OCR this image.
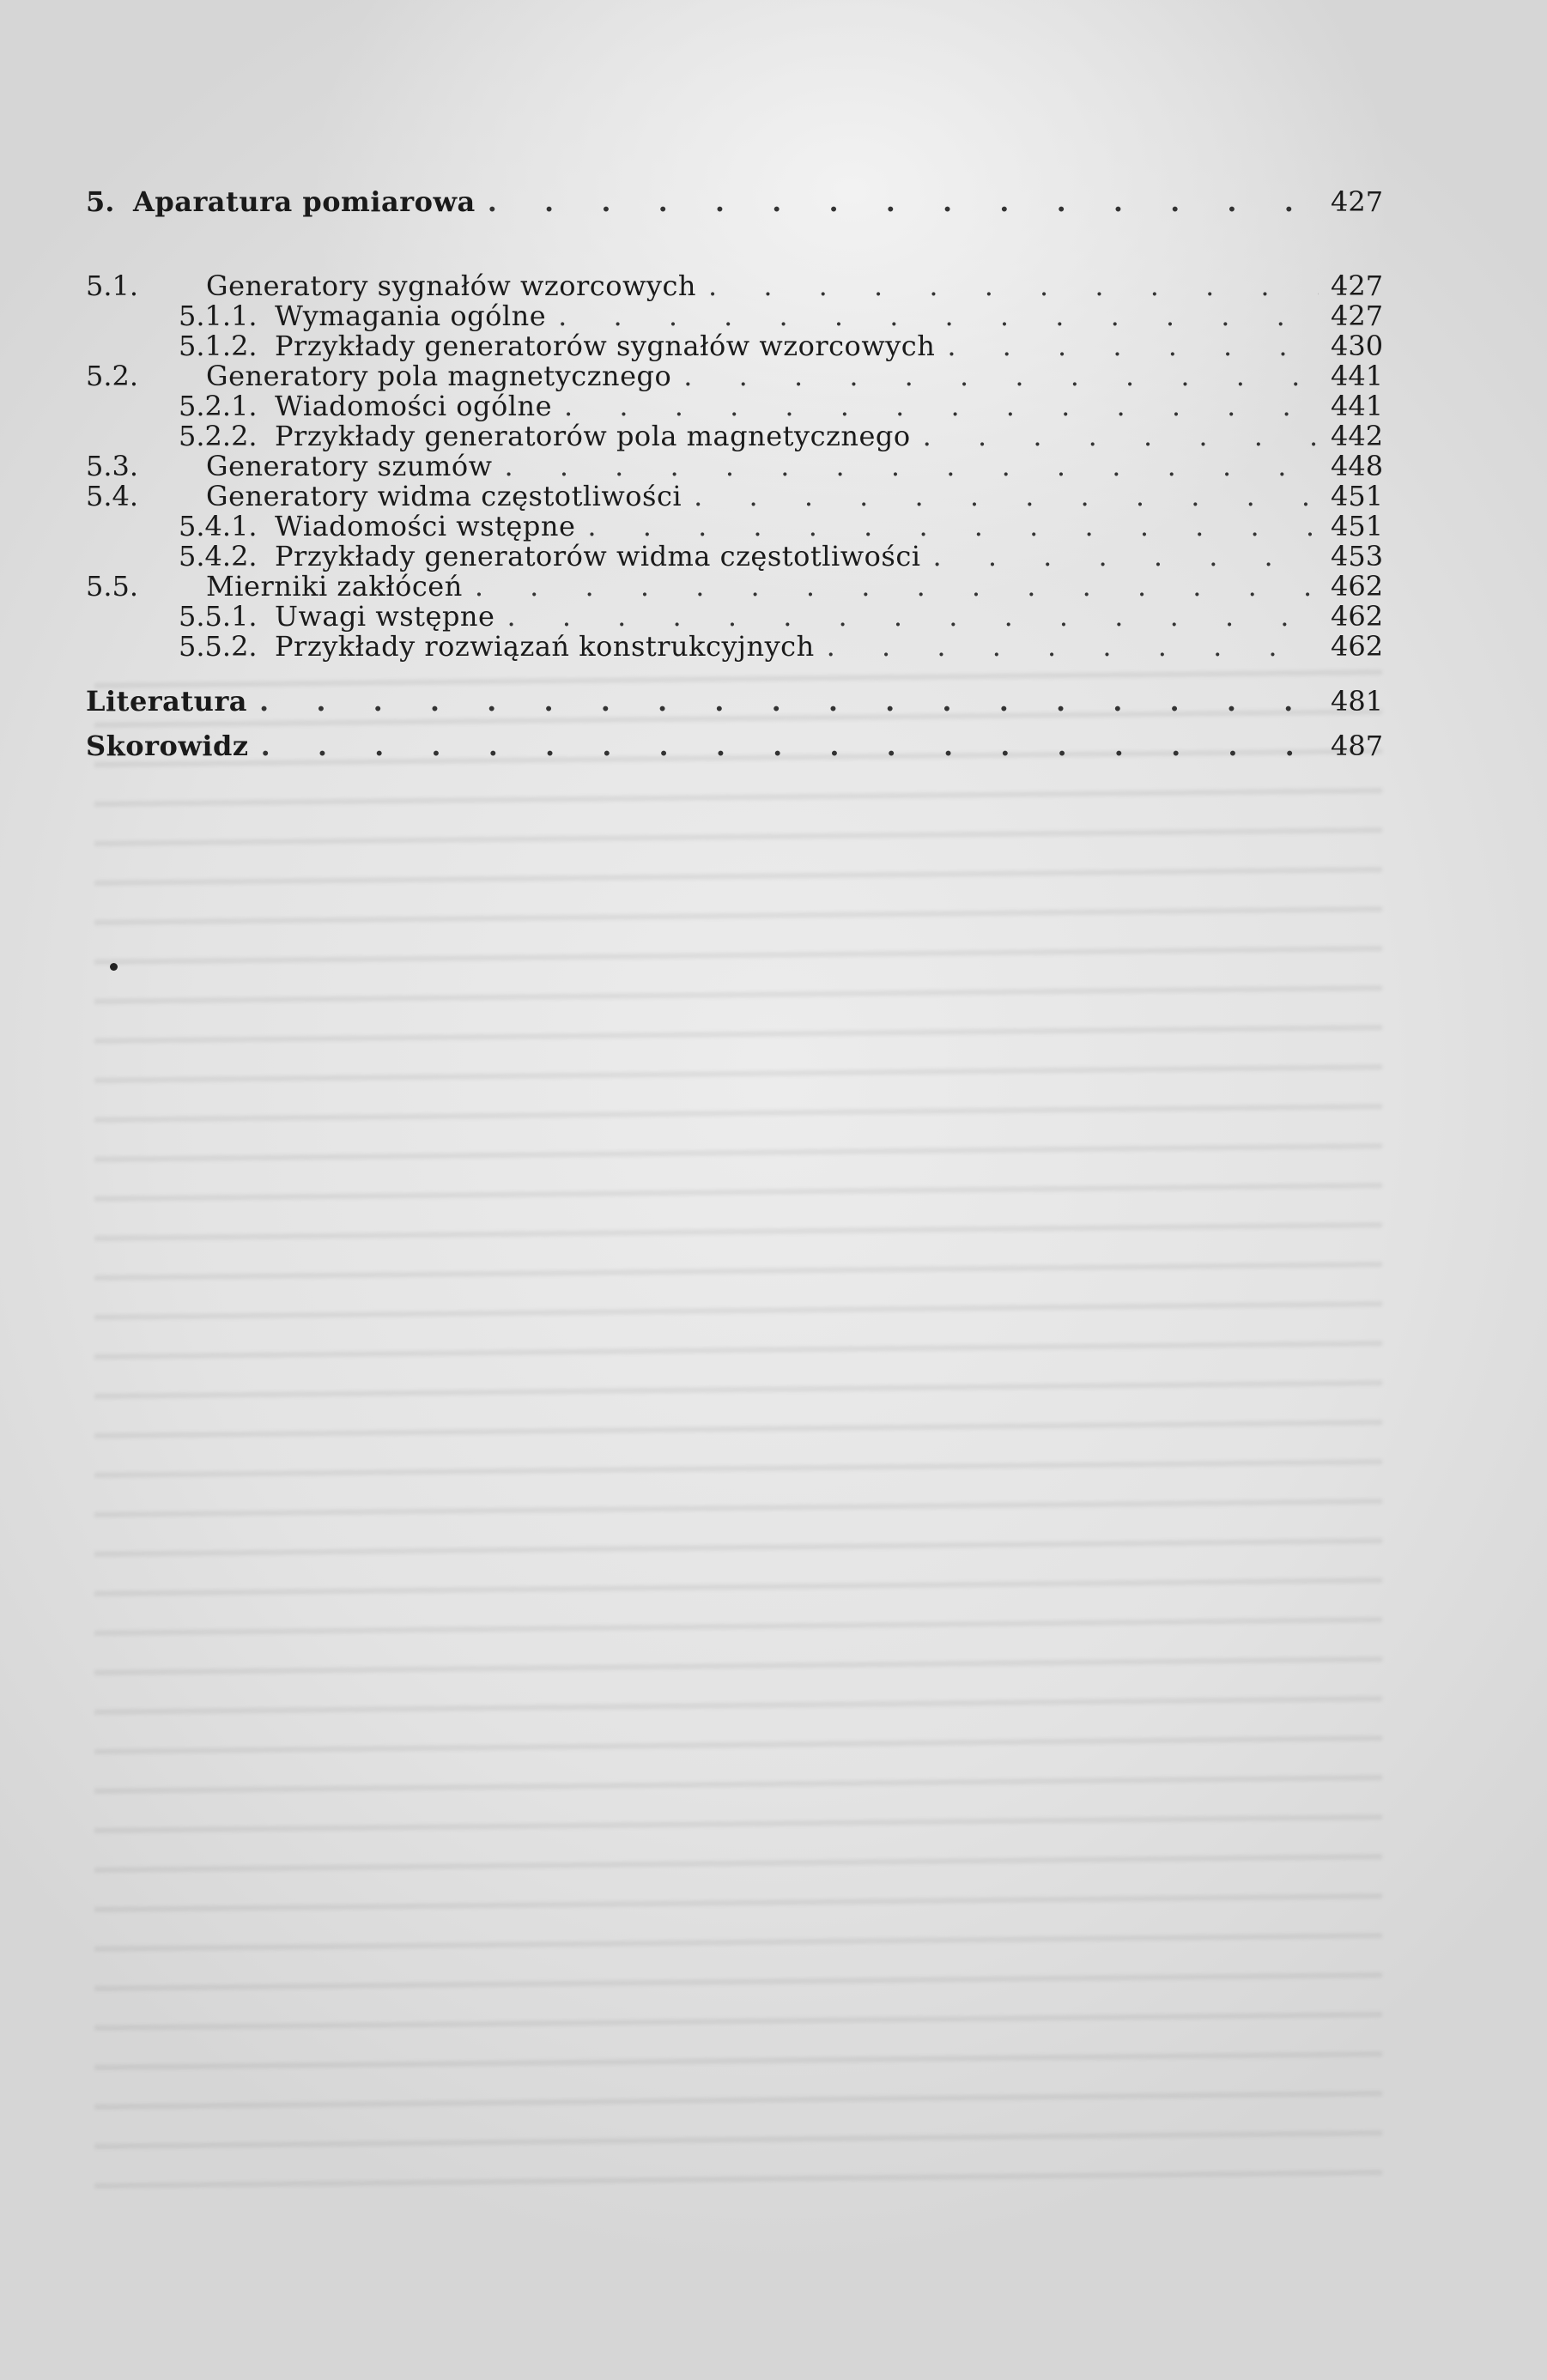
5. Aparatura pomiarowa . . .	427
5.1.	Generatory sygnałów wzorcowych . . .	427
5.1.1. Wymagania ogólne . . .	427
5.1.2. Przykłady generatorów sygnałów wzorcowych . . .	430
5.2.	Generatory pola magnetycznego . . .	441
5.2.1. Wiadomości ogólne . . .	441
5.2.2. Przykłady generatorów pola magnetycznego . . .	442
5.3.	Generatory szumów . . .	448
5.4.	Generatory widma częstotliwości . . .	451
5.4.1. Wiadomości wstępne . . .	451
5.4.2. Przykłady generatorów widma częstotliwości . . .	453
5.5.	Mierniki zakłóceń . . .	462
5.5.1. Uwagi wstępne . . .	462
5.5.2. Przykłady rozwiązań konstrukcyjnych . . .	462
Literatura . . .	481
Skorowidz . . .	487
